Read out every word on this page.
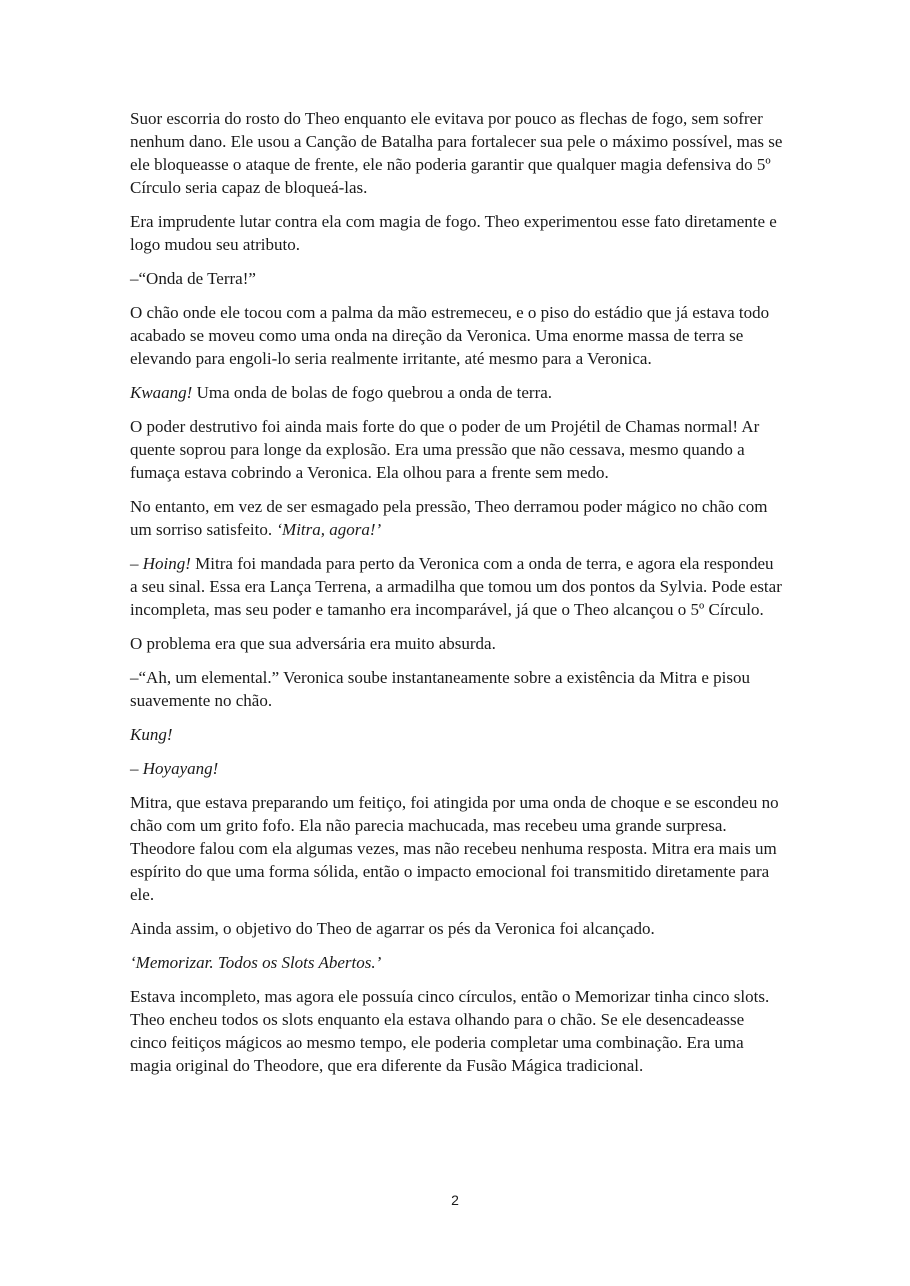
Suor escorria do rosto do Theo enquanto ele evitava por pouco as flechas de fogo, sem sofrer nenhum dano. Ele usou a Canção de Batalha para fortalecer sua pele o máximo possível, mas se ele bloqueasse o ataque de frente, ele não poderia garantir que qualquer magia defensiva do 5º Círculo seria capaz de bloqueá-las.

Era imprudente lutar contra ela com magia de fogo. Theo experimentou esse fato diretamente e logo mudou seu atributo.

–“Onda de Terra!”

O chão onde ele tocou com a palma da mão estremeceu, e o piso do estádio que já estava todo acabado se moveu como uma onda na direção da Veronica. Uma enorme massa de terra se elevando para engoli-lo seria realmente irritante, até mesmo para a Veronica.

Kwaang! Uma onda de bolas de fogo quebrou a onda de terra.

O poder destrutivo foi ainda mais forte do que o poder de um Projétil de Chamas normal! Ar quente soprou para longe da explosão. Era uma pressão que não cessava, mesmo quando a fumaça estava cobrindo a Veronica. Ela olhou para a frente sem medo.

No entanto, em vez de ser esmagado pela pressão, Theo derramou poder mágico no chão com um sorriso satisfeito. ‘Mitra, agora!’

– Hoing! Mitra foi mandada para perto da Veronica com a onda de terra, e agora ela respondeu a seu sinal. Essa era Lança Terrena, a armadilha que tomou um dos pontos da Sylvia. Pode estar incompleta, mas seu poder e tamanho era incomparável, já que o Theo alcançou o 5º Círculo.

O problema era que sua adversária era muito absurda.

–“Ah, um elemental.” Veronica soube instantaneamente sobre a existência da Mitra e pisou suavemente no chão.

Kung!

– Hoyayang!

Mitra, que estava preparando um feitiço, foi atingida por uma onda de choque e se escondeu no chão com um grito fofo. Ela não parecia machucada, mas recebeu uma grande surpresa. Theodore falou com ela algumas vezes, mas não recebeu nenhuma resposta. Mitra era mais um espírito do que uma forma sólida, então o impacto emocional foi transmitido diretamente para ele.

Ainda assim, o objetivo do Theo de agarrar os pés da Veronica foi alcançado.

‘Memorizar. Todos os Slots Abertos.’

Estava incompleto, mas agora ele possuía cinco círculos, então o Memorizar tinha cinco slots. Theo encheu todos os slots enquanto ela estava olhando para o chão. Se ele desencadeasse cinco feitiços mágicos ao mesmo tempo, ele poderia completar uma combinação. Era uma magia original do Theodore, que era diferente da Fusão Mágica tradicional.

2
